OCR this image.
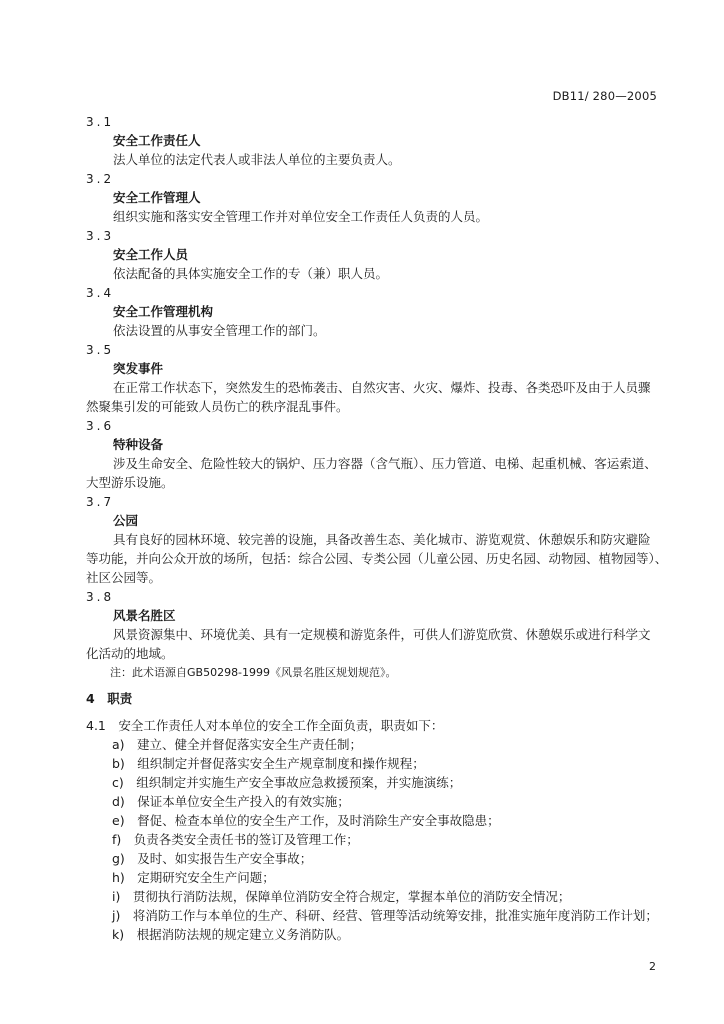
DB11/ 280—2005
3.1
安全工作责任人
法人单位的法定代表人或非法人单位的主要负责人。
3.2
安全工作管理人
组织实施和落实安全管理工作并对单位安全工作责任人负责的人员。
3.3
安全工作人员
依法配备的具体实施安全工作的专（兼）职人员。
3.4
安全工作管理机构
依法设置的从事安全管理工作的部门。
3.5
突发事件
在正常工作状态下，突然发生的恐怖袭击、自然灾害、火灾、爆炸、投毒、各类恐吓及由于人员骤
然聚集引发的可能致人员伤亡的秩序混乱事件。
3.6
特种设备
涉及生命安全、危险性较大的锅炉、压力容器（含气瓶）、压力管道、电梯、起重机械、客运索道、
大型游乐设施。
3.7
公园
具有良好的园林环境、较完善的设施，具备改善生态、美化城市、游览观赏、休憩娱乐和防灾避险
等功能，并向公众开放的场所，包括：综合公园、专类公园（儿童公园、历史名园、动物园、植物园等）、
社区公园等。
3.8
风景名胜区
风景资源集中、环境优美、具有一定规模和游览条件，可供人们游览欣赏、休憩娱乐或进行科学文
化活动的地域。
注：此术语源自GB50298-1999《风景名胜区规划规范》。
4　职责
4.1　安全工作责任人对本单位的安全工作全面负责，职责如下：
a)　建立、健全并督促落实安全生产责任制；
b)　组织制定并督促落实安全生产规章制度和操作规程；
c)　组织制定并实施生产安全事故应急救援预案，并实施演练；
d)　保证本单位安全生产投入的有效实施；
e)　督促、检查本单位的安全生产工作，及时消除生产安全事故隐患；
f)　负责各类安全责任书的签订及管理工作；
g)　及时、如实报告生产安全事故；
h)　定期研究安全生产问题；
i)　贯彻执行消防法规，保障单位消防安全符合规定，掌握本单位的消防安全情况；
j)　将消防工作与本单位的生产、科研、经营、管理等活动统筹安排，批准实施年度消防工作计划；
k)　根据消防法规的规定建立义务消防队。
2
